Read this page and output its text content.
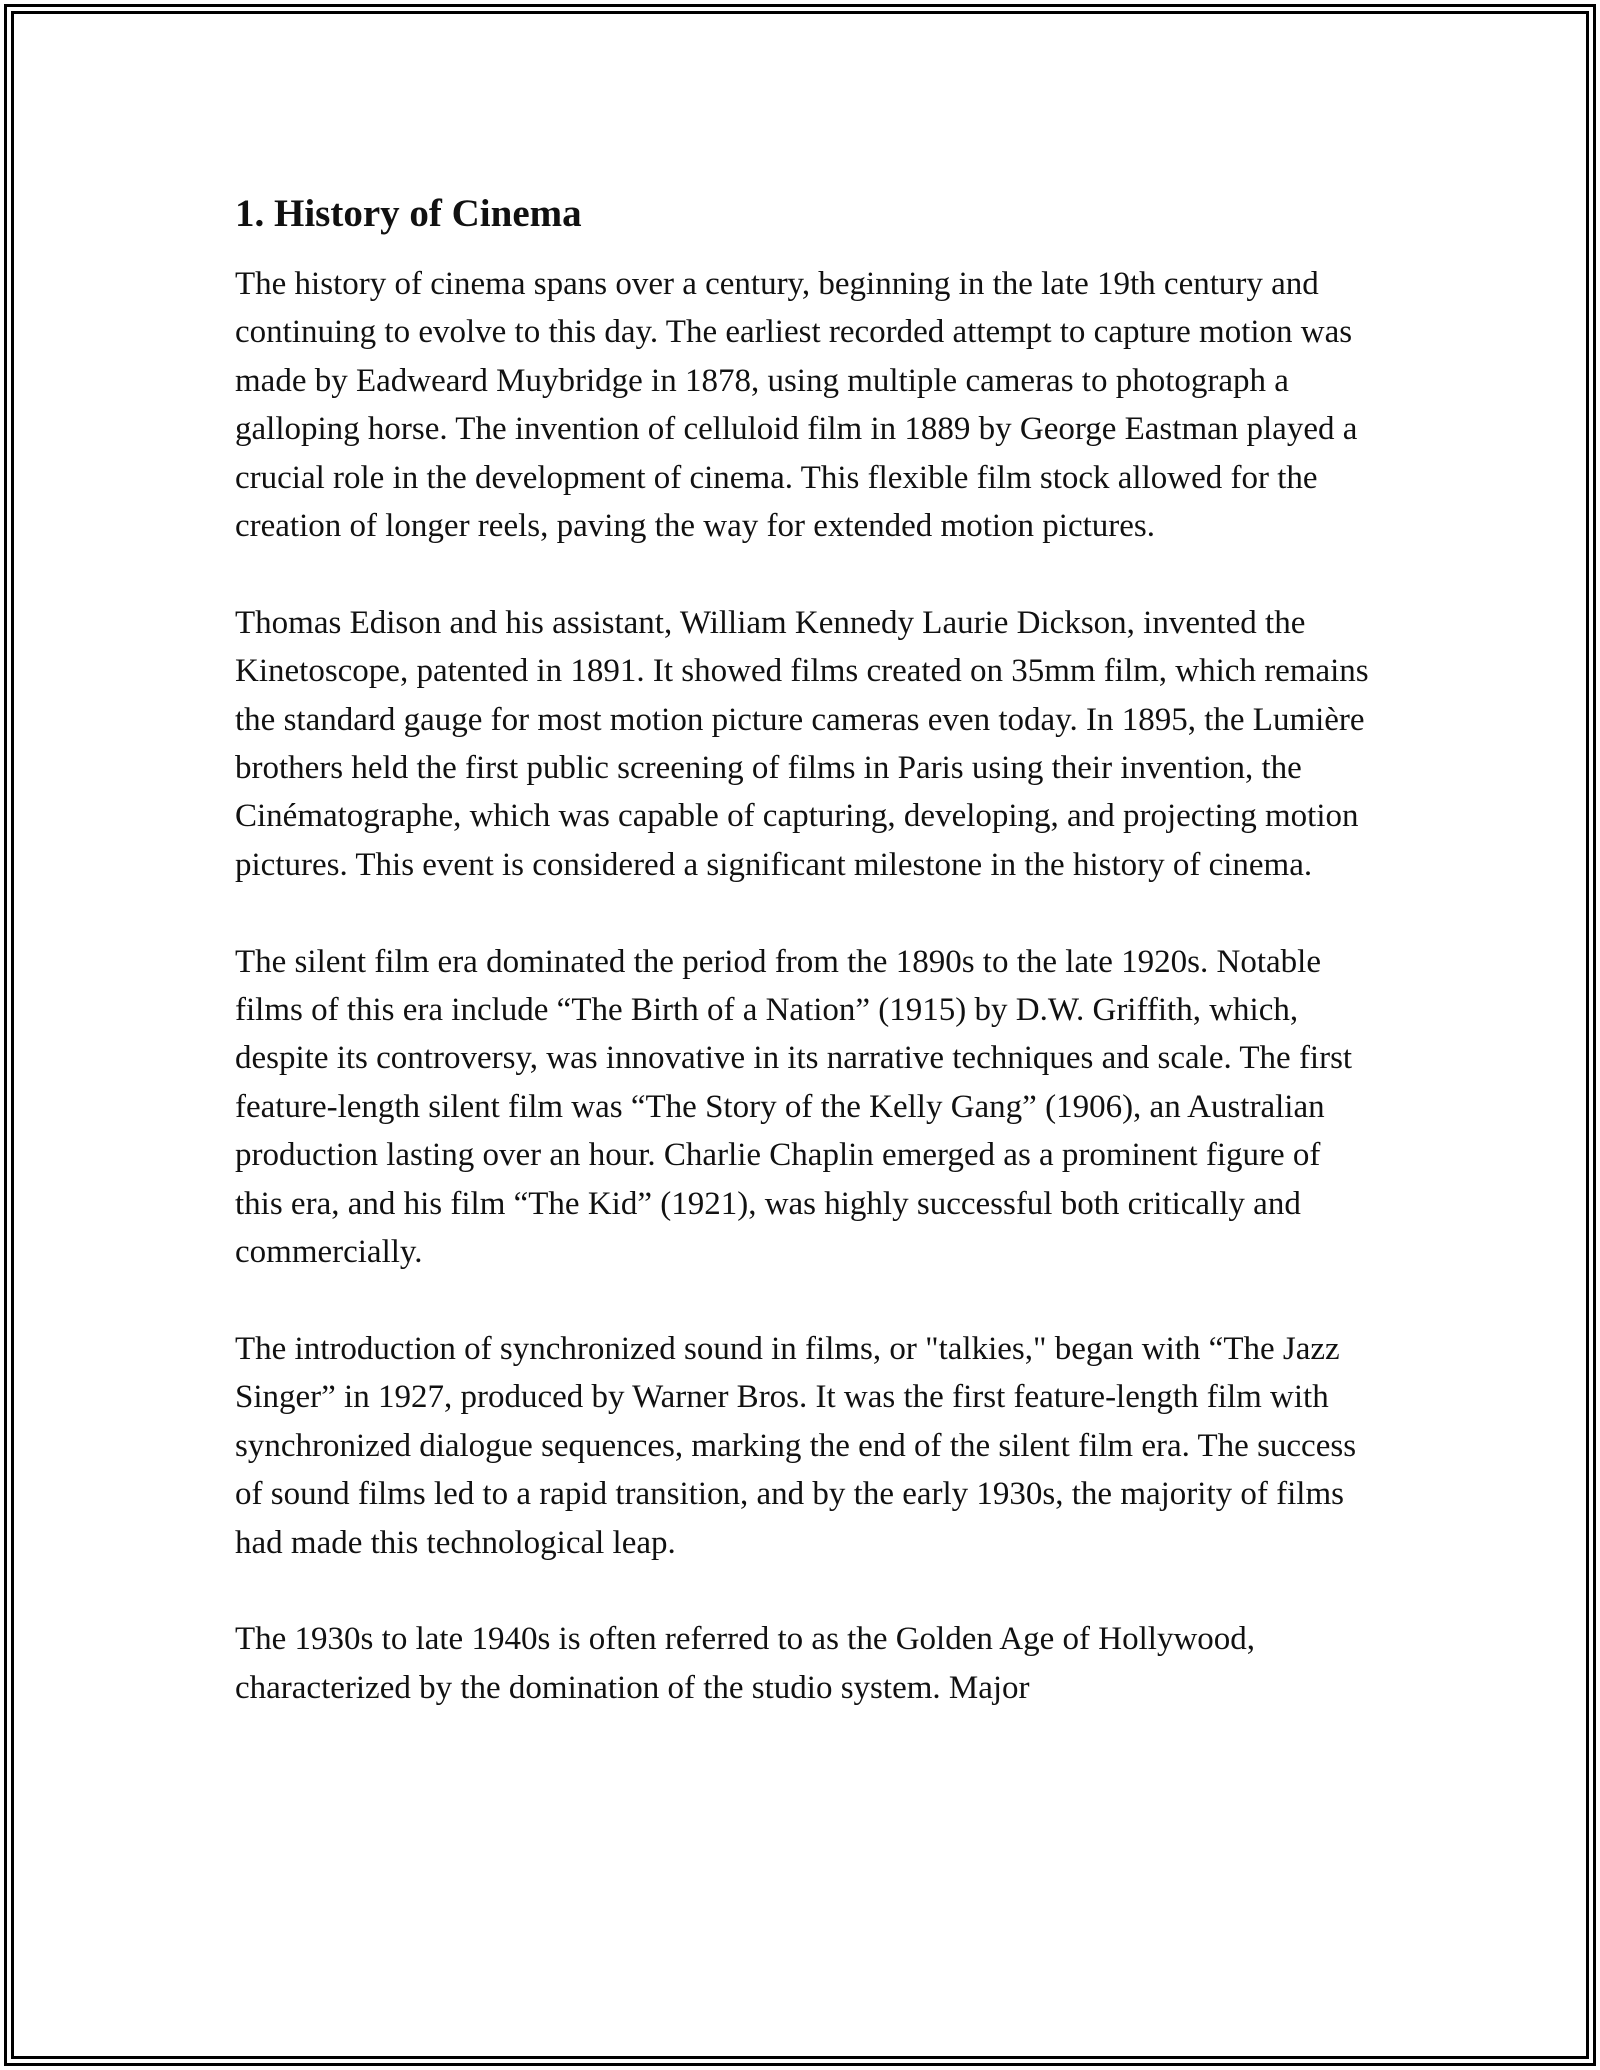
1. History of Cinema

The history of cinema spans over a century, beginning in the late 19th century and continuing to evolve to this day. The earliest recorded attempt to capture motion was made by Eadweard Muybridge in 1878, using multiple cameras to photograph a galloping horse. The invention of celluloid film in 1889 by George Eastman played a crucial role in the development of cinema. This flexible film stock allowed for the creation of longer reels, paving the way for extended motion pictures.

Thomas Edison and his assistant, William Kennedy Laurie Dickson, invented the Kinetoscope, patented in 1891. It showed films created on 35mm film, which remains the standard gauge for most motion picture cameras even today. In 1895, the Lumière brothers held the first public screening of films in Paris using their invention, the Cinématographe, which was capable of capturing, developing, and projecting motion pictures. This event is considered a significant milestone in the history of cinema.

The silent film era dominated the period from the 1890s to the late 1920s. Notable films of this era include “The Birth of a Nation” (1915) by D.W. Griffith, which, despite its controversy, was innovative in its narrative techniques and scale. The first feature-length silent film was “The Story of the Kelly Gang” (1906), an Australian production lasting over an hour. Charlie Chaplin emerged as a prominent figure of this era, and his film “The Kid” (1921), was highly successful both critically and commercially.

The introduction of synchronized sound in films, or "talkies," began with “The Jazz Singer” in 1927, produced by Warner Bros. It was the first feature-length film with synchronized dialogue sequences, marking the end of the silent film era. The success of sound films led to a rapid transition, and by the early 1930s, the majority of films had made this technological leap.

The 1930s to late 1940s is often referred to as the Golden Age of Hollywood, characterized by the domination of the studio system. Major
